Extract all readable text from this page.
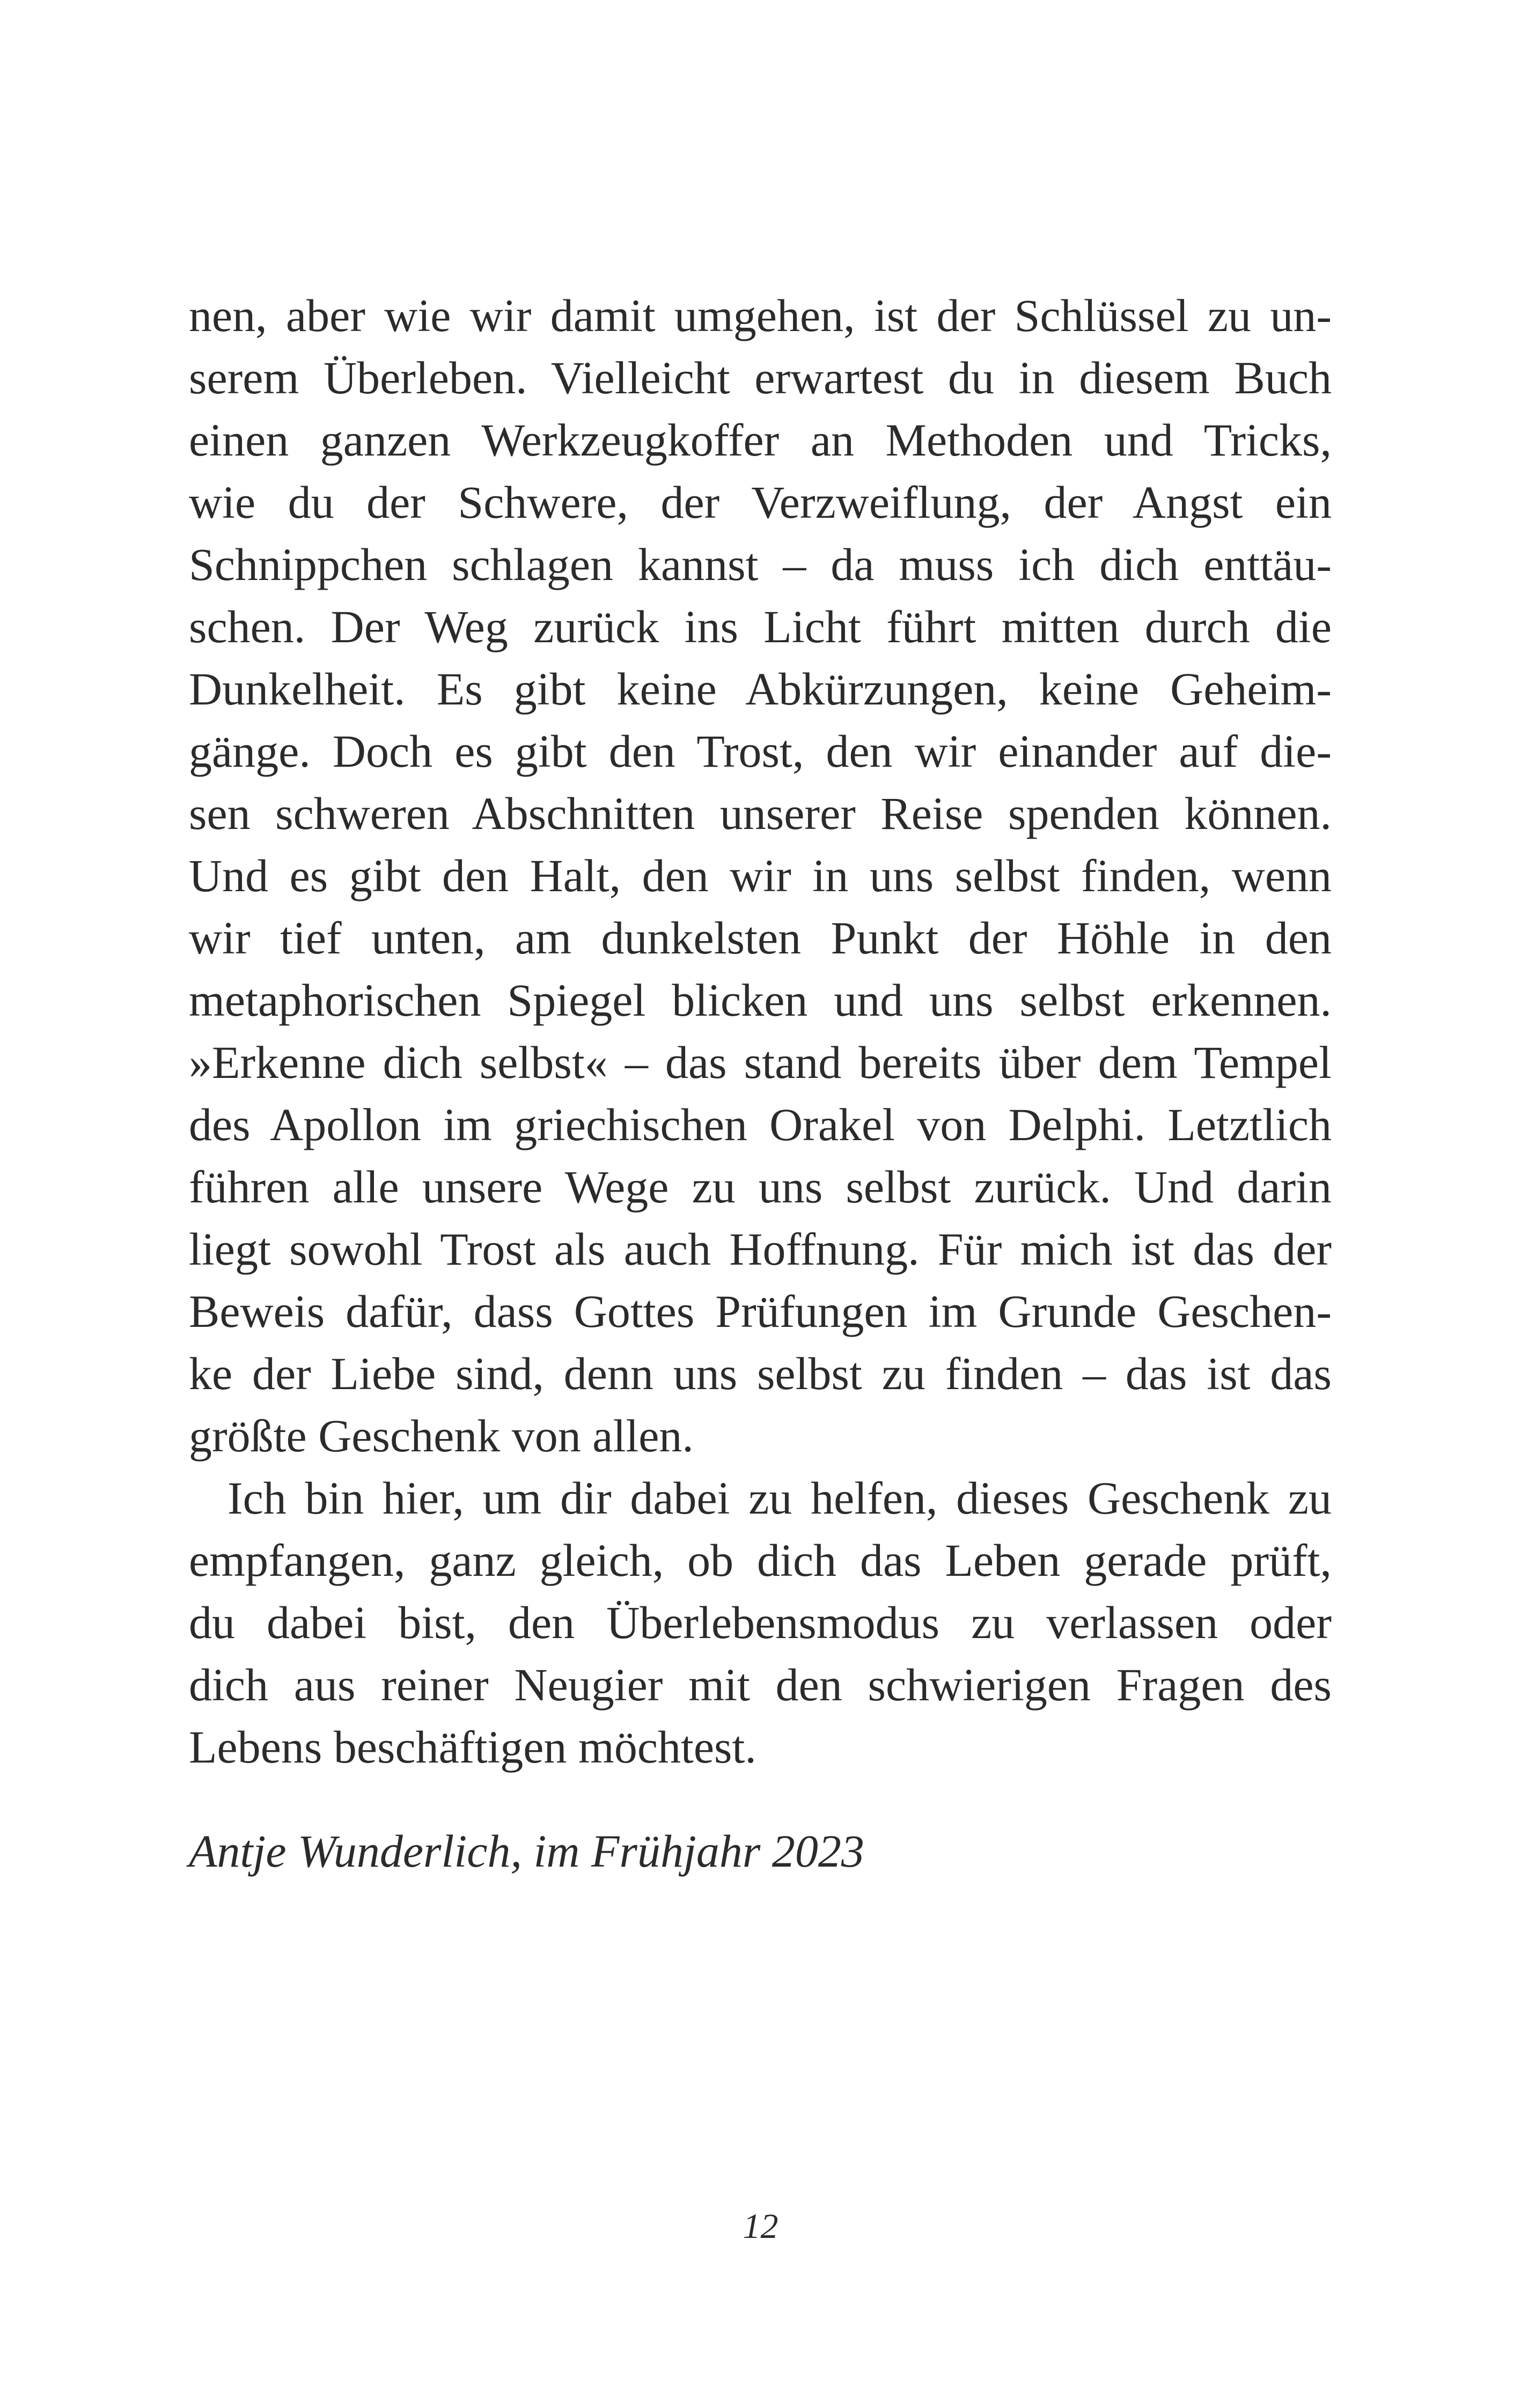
nen, aber wie wir damit umgehen, ist der Schlüssel zu un-
serem Überleben. Vielleicht erwartest du in diesem Buch
einen ganzen Werkzeugkoffer an Methoden und Tricks,
wie du der Schwere, der Verzweiflung, der Angst ein
Schnippchen schlagen kannst – da muss ich dich enttäu-
schen. Der Weg zurück ins Licht führt mitten durch die
Dunkelheit. Es gibt keine Abkürzungen, keine Geheim-
gänge. Doch es gibt den Trost, den wir einander auf die-
sen schweren Abschnitten unserer Reise spenden können.
Und es gibt den Halt, den wir in uns selbst finden, wenn
wir tief unten, am dunkelsten Punkt der Höhle in den
metaphorischen Spiegel blicken und uns selbst erkennen.
»Erkenne dich selbst« – das stand bereits über dem Tempel
des Apollon im griechischen Orakel von Delphi. Letztlich
führen alle unsere Wege zu uns selbst zurück. Und darin
liegt sowohl Trost als auch Hoffnung. Für mich ist das der
Beweis dafür, dass Gottes Prüfungen im Grunde Geschen-
ke der Liebe sind, denn uns selbst zu finden – das ist das
größte Geschenk von allen.
Ich bin hier, um dir dabei zu helfen, dieses Geschenk zu
empfangen, ganz gleich, ob dich das Leben gerade prüft,
du dabei bist, den Überlebensmodus zu verlassen oder
dich aus reiner Neugier mit den schwierigen Fragen des
Lebens beschäftigen möchtest.
Antje Wunderlich, im Frühjahr 2023
12
